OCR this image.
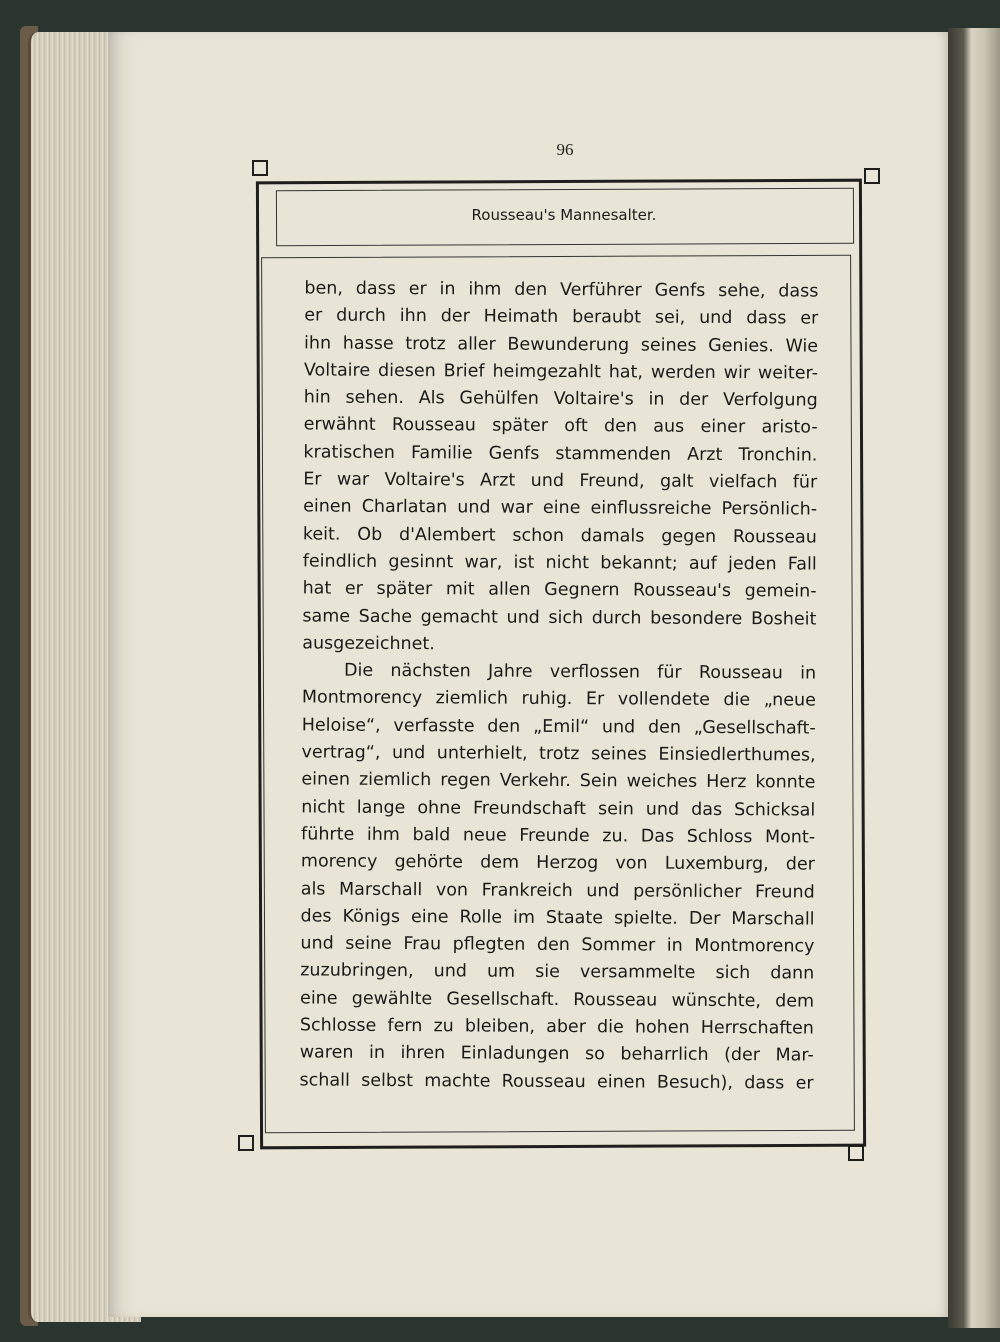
96
Rousseau's Mannesalter.
ben, dass er in ihm den Verführer Genfs sehe, dass
er durch ihn der Heimath beraubt sei, und dass er
ihn hasse trotz aller Bewunderung seines Genies. Wie
Voltaire diesen Brief heimgezahlt hat, werden wir weiter-
hin sehen. Als Gehülfen Voltaire's in der Verfolgung
erwähnt Rousseau später oft den aus einer aristo-
kratischen Familie Genfs stammenden Arzt Tronchin.
Er war Voltaire's Arzt und Freund, galt vielfach für
einen Charlatan und war eine einflussreiche Persönlich-
keit. Ob d'Alembert schon damals gegen Rousseau
feindlich gesinnt war, ist nicht bekannt; auf jeden Fall
hat er später mit allen Gegnern Rousseau's gemein-
same Sache gemacht und sich durch besondere Bosheit
ausgezeichnet.
Die nächsten Jahre verflossen für Rousseau in
Montmorency ziemlich ruhig. Er vollendete die „neue
Heloise“, verfasste den „Emil“ und den „Gesellschaft-
vertrag“, und unterhielt, trotz seines Einsiedlerthumes,
einen ziemlich regen Verkehr. Sein weiches Herz konnte
nicht lange ohne Freundschaft sein und das Schicksal
führte ihm bald neue Freunde zu. Das Schloss Mont-
morency gehörte dem Herzog von Luxemburg, der
als Marschall von Frankreich und persönlicher Freund
des Königs eine Rolle im Staate spielte. Der Marschall
und seine Frau pflegten den Sommer in Montmorency
zuzubringen, und um sie versammelte sich dann
eine gewählte Gesellschaft. Rousseau wünschte, dem
Schlosse fern zu bleiben, aber die hohen Herrschaften
waren in ihren Einladungen so beharrlich (der Mar-
schall selbst machte Rousseau einen Besuch), dass er
